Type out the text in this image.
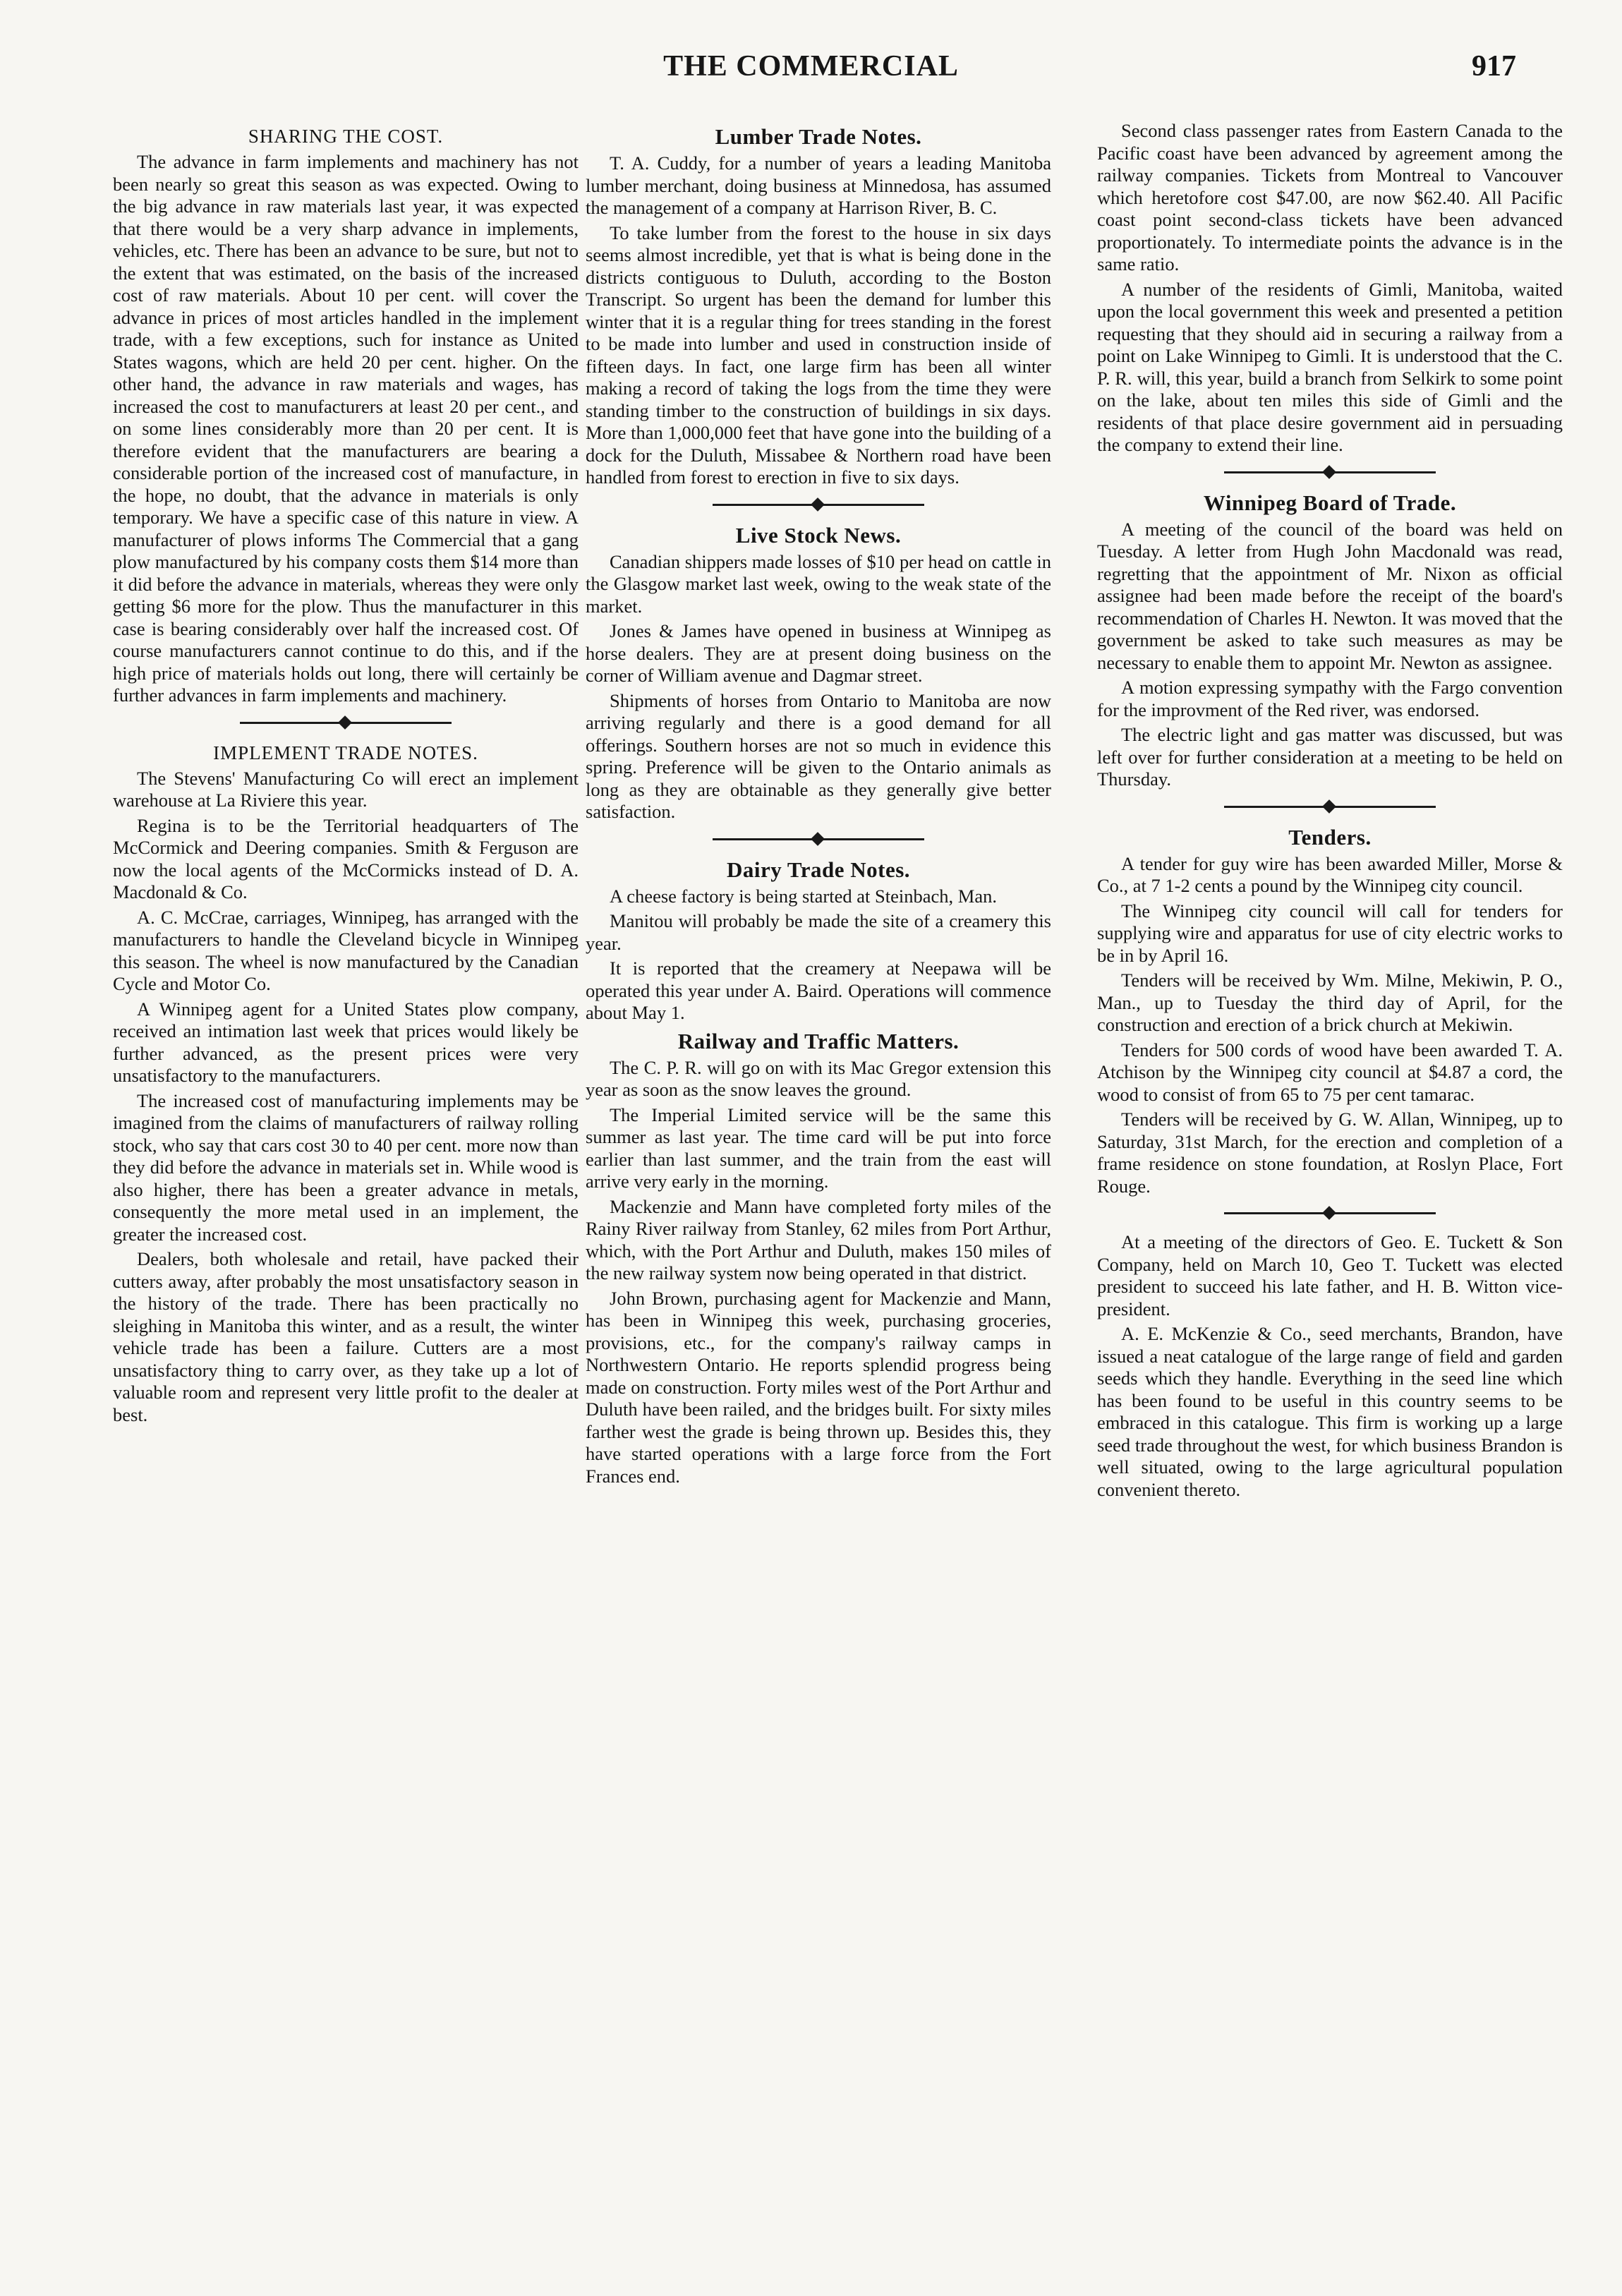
THE COMMERCIAL	917
SHARING THE COST.

The advance in farm implements and machinery has not been nearly so great this season as was expected. Owing to the big advance in raw materials last year, it was expected that there would be a very sharp advance in implements, vehicles, etc. There has been an advance to be sure, but not to the extent that was estimated, on the basis of the increased cost of raw materials. About 10 per cent. will cover the advance in prices of most articles handled in the implement trade, with a few exceptions, such for instance as United States wagons, which are held 20 per cent. higher. On the other hand, the advance in raw materials and wages, has increased the cost to manufacturers at least 20 per cent., and on some lines considerably more than 20 per cent. It is therefore evident that the manufacturers are bearing a considerable portion of the increased cost of manufacture, in the hope, no doubt, that the advance in materials is only temporary. We have a specific case of this nature in view. A manufacturer of plows informs The Commercial that a gang plow manufactured by his company costs them $14 more than it did before the advance in materials, whereas they were only getting $6 more for the plow. Thus the manufacturer in this case is bearing considerably over half the increased cost. Of course manufacturers cannot continue to do this, and if the high price of materials holds out long, there will certainly be further advances in farm implements and machinery.

IMPLEMENT TRADE NOTES.

The Stevens' Manufacturing Co will erect an implement warehouse at La Riviere this year.

Regina is to be the Territorial headquarters of The McCormick and Deering companies. Smith & Ferguson are now the local agents of the McCormicks instead of D. A. Macdonald & Co.

A. C. McCrae, carriages, Winnipeg, has arranged with the manufacturers to handle the Cleveland bicycle in Winnipeg this season. The wheel is now manufactured by the Canadian Cycle and Motor Co.

A Winnipeg agent for a United States plow company, received an intimation last week that prices would likely be further advanced, as the present prices were very unsatisfactory to the manufacturers.

The increased cost of manufacturing implements may be imagined from the claims of manufacturers of railway rolling stock, who say that cars cost 30 to 40 per cent. more now than they did before the advance in materials set in. While wood is also higher, there has been a greater advance in metals, consequently the more metal used in an implement, the greater the increased cost.

Dealers, both wholesale and retail, have packed their cutters away, after probably the most unsatisfactory season in the history of the trade. There has been practically no sleighing in Manitoba this winter, and as a result, the winter vehicle trade has been a failure. Cutters are a most unsatisfactory thing to carry over, as they take up a lot of valuable room and represent very little profit to the dealer at best.

Lumber Trade Notes.

T. A. Cuddy, for a number of years a leading Manitoba lumber merchant, doing business at Minnedosa, has assumed the management of a company at Harrison River, B. C.

To take lumber from the forest to the house in six days seems almost incredible, yet that is what is being done in the districts contiguous to Duluth, according to the Boston Transcript. So urgent has been the demand for lumber this winter that it is a regular thing for trees standing in the forest to be made into lumber and used in construction inside of fifteen days. In fact, one large firm has been all winter making a record of taking the logs from the time they were standing timber to the construction of buildings in six days. More than 1,000,000 feet that have gone into the building of a dock for the Duluth, Missabee & Northern road have been handled from forest to erection in five to six days.

Live Stock News.

Canadian shippers made losses of $10 per head on cattle in the Glasgow market last week, owing to the weak state of the market.

Jones & James have opened in business at Winnipeg as horse dealers. They are at present doing business on the corner of William avenue and Dagmar street.

Shipments of horses from Ontario to Manitoba are now arriving regularly and there is a good demand for all offerings. Southern horses are not so much in evidence this spring. Preference will be given to the Ontario animals as long as they are obtainable as they generally give better satisfaction.

Dairy Trade Notes.

A cheese factory is being started at Steinbach, Man.

Manitou will probably be made the site of a creamery this year.

It is reported that the creamery at Neepawa will be operated this year under A. Baird. Operations will commence about May 1.

Railway and Traffic Matters.

The C. P. R. will go on with its Mac Gregor extension this year as soon as the snow leaves the ground.

The Imperial Limited service will be the same this summer as last year. The time card will be put into force earlier than last summer, and the train from the east will arrive very early in the morning.

Mackenzie and Mann have completed forty miles of the Rainy River railway from Stanley, 62 miles from Port Arthur, which, with the Port Arthur and Duluth, makes 150 miles of the new railway system now being operated in that district.

John Brown, purchasing agent for Mackenzie and Mann, has been in Winnipeg this week, purchasing groceries, provisions, etc., for the company's railway camps in Northwestern Ontario. He reports splendid progress being made on construction. Forty miles west of the Port Arthur and Duluth have been railed, and the bridges built. For sixty miles farther west the grade is being thrown up. Besides this, they have started operations with a large force from the Fort Frances end.

Second class passenger rates from Eastern Canada to the Pacific coast have been advanced by agreement among the railway companies. Tickets from Montreal to Vancouver which heretofore cost $47.00, are now $62.40. All Pacific coast point second-class tickets have been advanced proportionately. To intermediate points the advance is in the same ratio.

A number of the residents of Gimli, Manitoba, waited upon the local government this week and presented a petition requesting that they should aid in securing a railway from a point on Lake Winnipeg to Gimli. It is understood that the C. P. R. will, this year, build a branch from Selkirk to some point on the lake, about ten miles this side of Gimli and the residents of that place desire government aid in persuading the company to extend their line.

Winnipeg Board of Trade.

A meeting of the council of the board was held on Tuesday. A letter from Hugh John Macdonald was read, regretting that the appointment of Mr. Nixon as official assignee had been made before the receipt of the board's recommendation of Charles H. Newton. It was moved that the government be asked to take such measures as may be necessary to enable them to appoint Mr. Newton as assignee.

A motion expressing sympathy with the Fargo convention for the improvment of the Red river, was endorsed.

The electric light and gas matter was discussed, but was left over for further consideration at a meeting to be held on Thursday.

Tenders.

A tender for guy wire has been awarded Miller, Morse & Co., at 7 1-2 cents a pound by the Winnipeg city council.

The Winnipeg city council will call for tenders for supplying wire and apparatus for use of city electric works to be in by April 16.

Tenders will be received by Wm. Milne, Mekiwin, P. O., Man., up to Tuesday the third day of April, for the construction and erection of a brick church at Mekiwin.

Tenders for 500 cords of wood have been awarded T. A. Atchison by the Winnipeg city council at $4.87 a cord, the wood to consist of from 65 to 75 per cent tamarac.

Tenders will be received by G. W. Allan, Winnipeg, up to Saturday, 31st March, for the erection and completion of a frame residence on stone foundation, at Roslyn Place, Fort Rouge.

At a meeting of the directors of Geo. E. Tuckett & Son Company, held on March 10, Geo T. Tuckett was elected president to succeed his late father, and H. B. Witton vice-president.

A. E. McKenzie & Co., seed merchants, Brandon, have issued a neat catalogue of the large range of field and garden seeds which they handle. Everything in the seed line which has been found to be useful in this country seems to be embraced in this catalogue. This firm is working up a large seed trade throughout the west, for which business Brandon is well situated, owing to the large agricultural population convenient thereto.
